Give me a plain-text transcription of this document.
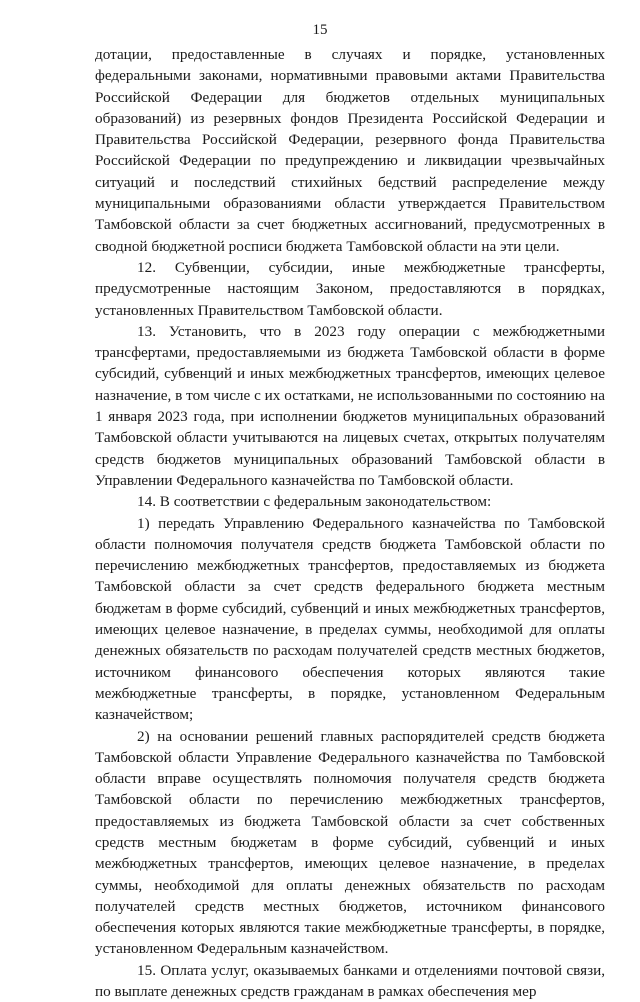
15

дотации, предоставленные в случаях и порядке, установленных федеральными законами, нормативными правовыми актами Правительства Российской Федерации для бюджетов отдельных муниципальных образований) из резервных фондов Президента Российской Федерации и Правительства Российской Федерации, резервного фонда Правительства Российской Федерации по предупреждению и ликвидации чрезвычайных ситуаций и последствий стихийных бедствий распределение между муниципальными образованиями области утверждается Правительством Тамбовской области за счет бюджетных ассигнований, предусмотренных в сводной бюджетной росписи бюджета Тамбовской области на эти цели.

12. Субвенции, субсидии, иные межбюджетные трансферты, предусмотренные настоящим Законом, предоставляются в порядках, установленных Правительством Тамбовской области.

13. Установить, что в 2023 году операции с межбюджетными трансфертами, предоставляемыми из бюджета Тамбовской области в форме субсидий, субвенций и иных межбюджетных трансфертов, имеющих целевое назначение, в том числе с их остатками, не использованными по состоянию на 1 января 2023 года, при исполнении бюджетов муниципальных образований Тамбовской области учитываются на лицевых счетах, открытых получателям средств бюджетов муниципальных образований Тамбовской области в Управлении Федерального казначейства по Тамбовской области.

14. В соответствии с федеральным законодательством:

1) передать Управлению Федерального казначейства по Тамбовской области полномочия получателя средств бюджета Тамбовской области по перечислению межбюджетных трансфертов, предоставляемых из бюджета Тамбовской области за счет средств федерального бюджета местным бюджетам в форме субсидий, субвенций и иных межбюджетных трансфертов, имеющих целевое назначение, в пределах суммы, необходимой для оплаты денежных обязательств по расходам получателей средств местных бюджетов, источником финансового обеспечения которых являются такие межбюджетные трансферты, в порядке, установленном Федеральным казначейством;

2) на основании решений главных распорядителей средств бюджета Тамбовской области Управление Федерального казначейства по Тамбовской области вправе осуществлять полномочия получателя средств бюджета Тамбовской области по перечислению межбюджетных трансфертов, предоставляемых из бюджета Тамбовской области за счет собственных средств местным бюджетам в форме субсидий, субвенций и иных межбюджетных трансфертов, имеющих целевое назначение, в пределах суммы, необходимой для оплаты денежных обязательств по расходам получателей средств местных бюджетов, источником финансового обеспечения которых являются такие межбюджетные трансферты, в порядке, установленном Федеральным казначейством.

15. Оплата услуг, оказываемых банками и отделениями почтовой связи, по выплате денежных средств гражданам в рамках обеспечения мер
